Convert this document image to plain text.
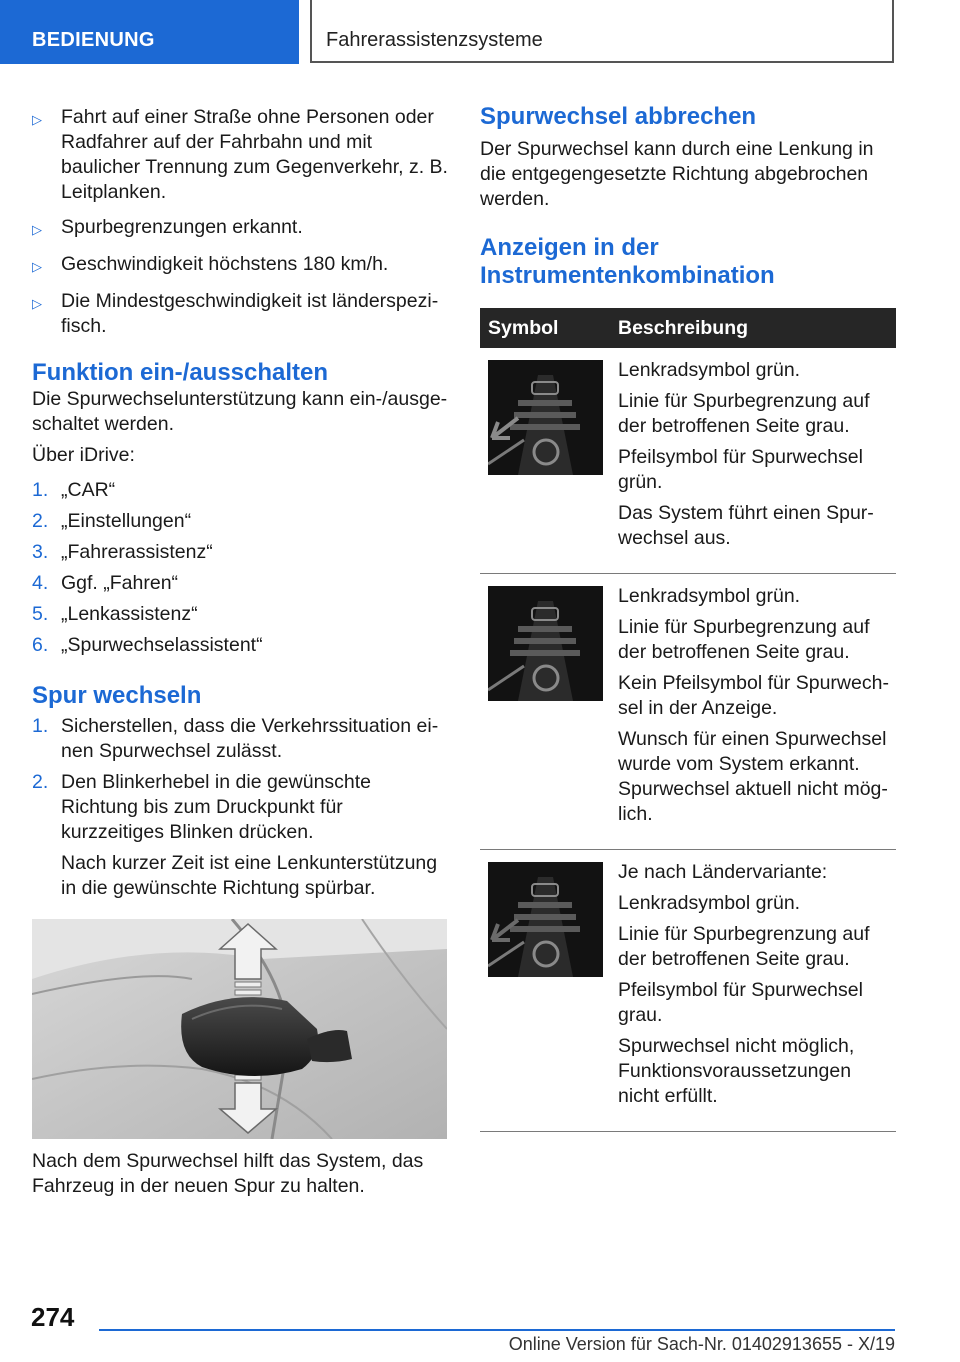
BEDIENUNG	Fahrerassistenzsysteme
▷ Fahrt auf einer Straße ohne Personen oder Radfahrer auf der Fahrbahn und mit baulicher Trennung zum Gegenverkehr, z. B. Leitplanken.
▷ Spurbegrenzungen erkannt.
▷ Geschwindigkeit höchstens 180 km/h.
▷ Die Mindestgeschwindigkeit ist länderspezifisch.
Funktion ein-/ausschalten

Die Spurwechselunterstützung kann ein-/ausgeschaltet werden.

Über iDrive:

1. „CAR“
2. „Einstellungen“
3. „Fahrerassistenz“
4. Ggf. „Fahren“
5. „Lenkassistenz“
6. „Spurwechselassistent“
Spur wechseln
1. Sicherstellen, dass die Verkehrssituation einen Spurwechsel zulässt.
2. Den Blinkerhebel in die gewünschte Richtung bis zum Druckpunkt für kurzzeitiges Blinken drücken.

Nach kurzer Zeit ist eine Lenkunterstützung in die gewünschte Richtung spürbar.

Nach dem Spurwechsel hilft das System, das Fahrzeug in der neuen Spur zu halten.

Spurwechsel abbrechen

Der Spurwechsel kann durch eine Lenkung in die entgegengesetzte Richtung abgebrochen werden.

Anzeigen in der Instrumentenkombination
Symbol	Beschreibung

Lenkradsymbol grün.

Linie für Spurbegrenzung auf der betroffenen Seite grau.

Pfeilsymbol für Spurwechsel grün.

Das System führt einen Spurwechsel aus.

Lenkradsymbol grün.

Linie für Spurbegrenzung auf der betroffenen Seite grau.

Kein Pfeilsymbol für Spurwechsel in der Anzeige.

Wunsch für einen Spurwechsel wurde vom System erkannt. Spurwechsel aktuell nicht möglich.

Je nach Ländervariante:

Lenkradsymbol grün.

Linie für Spurbegrenzung auf der betroffenen Seite grau.

Pfeilsymbol für Spurwechsel grau.

Spurwechsel nicht möglich, Funktionsvoraussetzungen nicht erfüllt.

274
Online Version für Sach-Nr. 01402913655 - X/19
